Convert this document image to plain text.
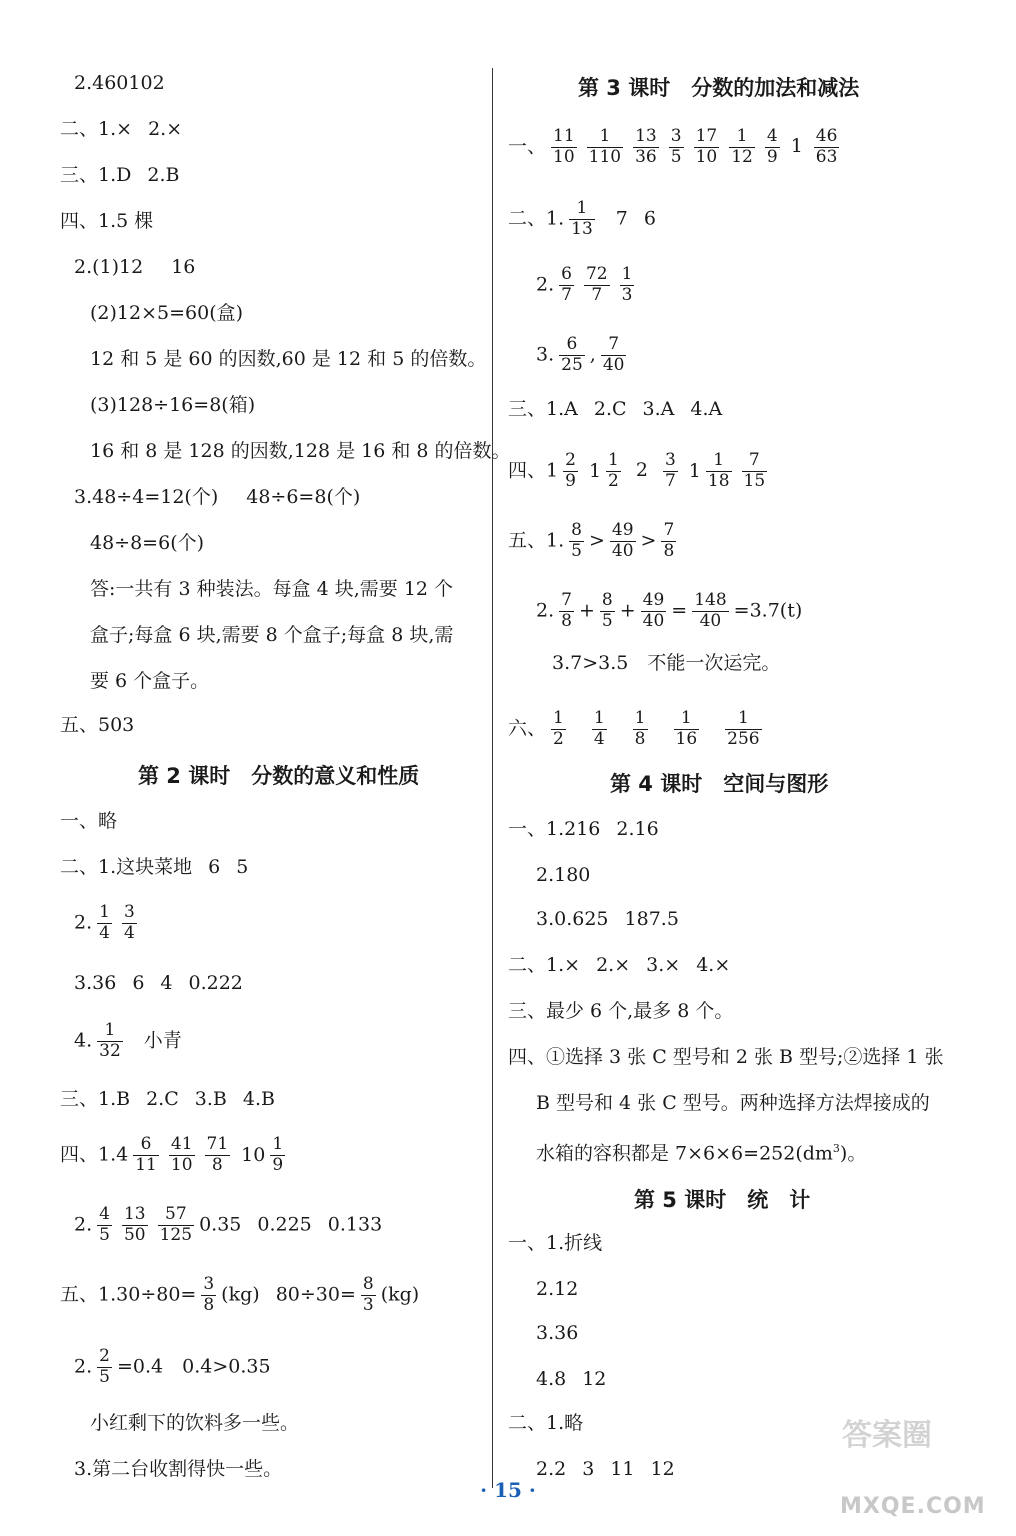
2.460102
二、1.× 2.×
三、1.D 2.B
四、1.5 棵
2.(1)12 16
(2)12×5=60(盒)
12 和 5 是 60 的因数,60 是 12 和 5 的倍数。
(3)128÷16=8(箱)
16 和 8 是 128 的因数,128 是 16 和 8 的倍数。
3.48÷4=12(个) 48÷6=8(个)
48÷8=6(个)
答:一共有 3 种装法。每盒 4 块,需要 12 个
盒子;每盒 6 块,需要 8 个盒子;每盒 8 块,需
要 6 个盒子。
五、503
第 2 课时　分数的意义和性质
一、略
二、1.这块菜地 6 5
2. $\frac{1}{4} \frac{3}{4}$
3.36 6 4 0.222
4. $\frac{1}{32}$ 小青
三、1.B 2.C 3.B 4.B
四、$1.4 \frac{6}{11} \frac{41}{10} \frac{71}{8} 10 \frac{1}{9}$
2. $\frac{4}{5} \frac{13}{50} \frac{57}{125} 0.35$ 0.225 0.133
五、$1.30\div 80= \frac{3}{8} (kg)$ $80\div 30= \frac{8}{3} (kg)$
2. $\frac{2}{5} =0.4$　0.4>0.35
小红剩下的饮料多一些。
3.第二台收割得快一些。
第 3 课时　分数的加法和减法
一、 $\frac{11}{10} \frac{1}{110} \frac{13}{36} \frac{3}{5} \frac{17}{10} \frac{1}{12} \frac{4}{9} 1 \frac{46}{63}$
二、1. $\frac{1}{13} 7$ 6
2. $\frac{6}{7} \frac{72}{7} \frac{1}{3}$
3. $\frac{6}{25}$ , $\frac{7}{40}$
三、1.A 2.C 3.A 4.A
四、$1 \frac{2}{9} 1 \frac{1}{2} 2 \frac{3}{7} 1 \frac{1}{18} \frac{7}{15}$
五、1. $\frac{8}{5} > \frac{49}{40} > \frac{7}{8}$
2. $\frac{7}{8} + \frac{8}{5} + \frac{49}{40} = \frac{148}{40} =3.7(t)$
3.7>3.5　不能一次运完。
六、 $\frac{1}{2} \frac{1}{4} \frac{1}{8} \frac{1}{16} \frac{1}{256}$
第 4 课时　空间与图形
一、1.216 2.16
2.180
3.0.625 187.5
二、1.× 2.× 3.× 4.×
三、最少 6 个,最多 8 个。
四、①选择 3 张 C 型号和 2 张 B 型号;②选择 1 张
B 型号和 4 张 C 型号。两种选择方法焊接成的
水箱的容积都是 $7\times 6\times 6=252(dm^3)$。
第 5 课时　统　计
一、1.折线
2.12
3.36
4.8 12
二、1.略
2.2 3 11 12
答案圈
MXQE.COM
· 15 ·
